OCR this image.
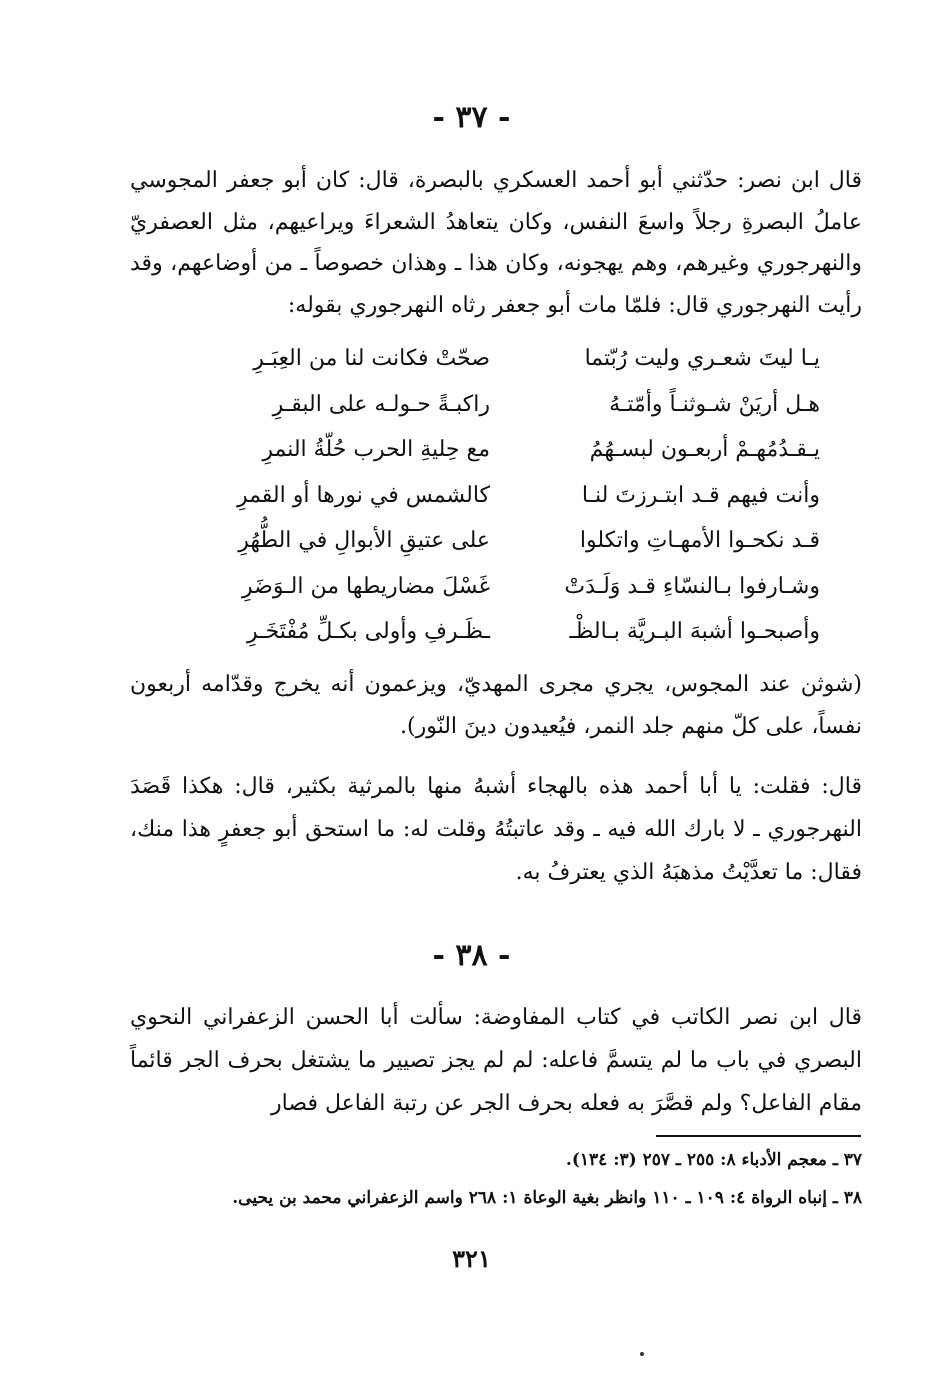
- ٣٧ -

قال ابن نصر: حدّثني أبو أحمد العسكري بالبصرة، قال: كان أبو جعفر المجوسي عاملُ البصرةِ رجلاً واسعَ النفس، وكان يتعاهدُ الشعراءَ ويراعيهم، مثل العصفريّ والنهرجوري وغيرهم، وهم يهجونه، وكان هذا ـ وهذان خصوصاً ـ من أوضاعهم، وقد رأيت النهرجوري قال: فلمّا مات أبو جعفر رثاه النهرجوري بقوله:

يـا ليتَ شعـري وليت رُبّتما
صحّتْ فكانت لنا من العِبَـرِ
هـل أريَنْ شـوثنـاً وأمّتـهُ
راكبـةً حـولـه على البقـرِ
يـقـدُمُهـمْ أربعـون لبسـهُمُ
مع حِليةِ الحرب حُلّةُ النمرِ
وأنت فيهم قـد ابتـرزتَ لنـا
كالشمس في نورها أو القمرِ
قـد نكحـوا الأمهـاتِ واتكلوا
على عتيقِ الأبوالِ في الطُّهُرِ
وشـارفوا بـالنسّاءِ قـد وَلَـدَتْ
غَسْلَ مضاريطها من الـوَضَرِ
وأصبحـوا أشبهَ البـريَّة بـالظْـ
ـظَـرفِ وأولى بكـلِّ مُفْتَخَـرِ

(شوثن عند المجوس، يجري مجرى المهديّ، ويزعمون أنه يخرج وقدّامه أربعون نفساً، على كلّ منهم جلد النمر، فيُعيدون دينَ النّور).

قال: فقلت: يا أبا أحمد هذه بالهجاء أشبهُ منها بالمرثية بكثير، قال: هكذا قَصَدَ النهرجوري ـ لا بارك الله فيه ـ وقد عاتبتُهُ وقلت له: ما استحق أبو جعفرٍ هذا منك، فقال: ما تعدَّيْتُ مذهبَهُ الذي يعترفُ به.

- ٣٨ -

قال ابن نصر الكاتب في كتاب المفاوضة: سألت أبا الحسن الزعفراني النحوي البصري في باب ما لم يتسمَّ فاعله: لم لم يجز تصيير ما يشتغل بحرف الجر قائماً مقام الفاعل؟ ولم قصَّرَ به فعله بحرف الجر عن رتبة الفاعل فصار

٣٧ ـ معجم الأدباء ٨: ٢٥٥ ـ ٢٥٧ (٣: ١٣٤).
٣٨ ـ إنباه الرواة ٤: ١٠٩ ـ ١١٠ وانظر بغية الوعاة ١: ٢٦٨ واسم الزعفراني محمد بن يحيى.
٣٢١
